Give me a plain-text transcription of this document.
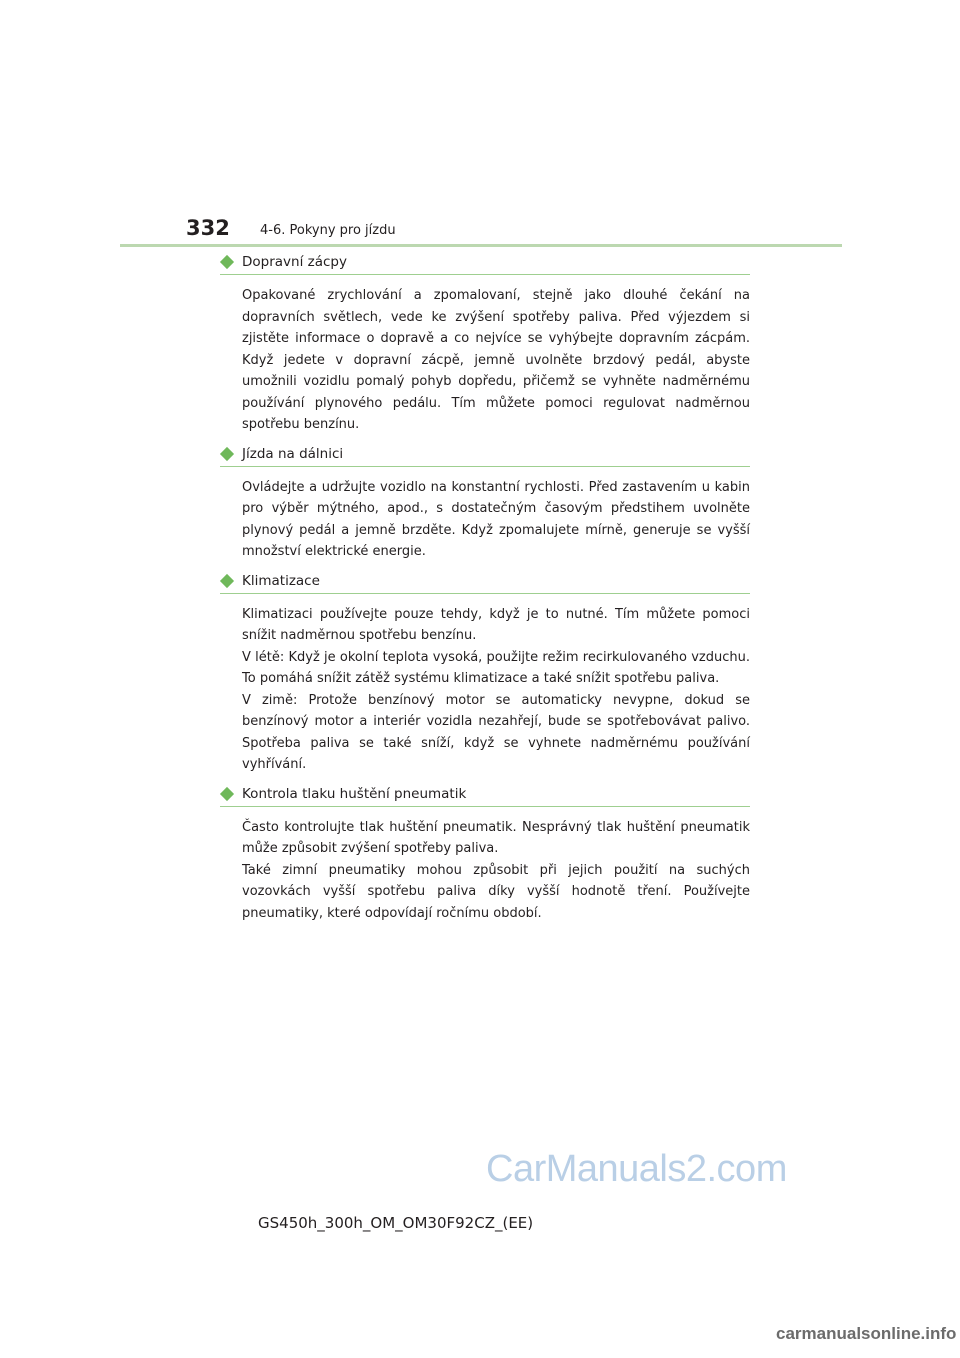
332 4-6. Pokyny pro jízdu
Dopravní zácpy

Opakované zrychlování a zpomalovaní, stejně jako dlouhé čekání na dopravních světlech, vede ke zvýšení spotřeby paliva. Před výjezdem si zjistěte informace o dopravě a co nejvíce se vyhýbejte dopravním zácpám. Když jedete v dopravní zácpě, jemně uvolněte brzdový pedál, abyste umožnili vozidlu pomalý pohyb dopředu, přičemž se vyhněte nadměrnému používání plynového pedálu. Tím můžete pomoci regulovat nadměrnou spotřebu benzínu.

Jízda na dálnici

Ovládejte a udržujte vozidlo na konstantní rychlosti. Před zastavením u kabin pro výběr mýtného, apod., s dostatečným časovým předstihem uvolněte plynový pedál a jemně brzděte. Když zpomalujete mírně, generuje se vyšší množství elektrické energie.

Klimatizace

Klimatizaci používejte pouze tehdy, když je to nutné. Tím můžete pomoci snížit nadměrnou spotřebu benzínu.

V létě: Když je okolní teplota vysoká, použijte režim recirkulovaného vzduchu. To pomáhá snížit zátěž systému klimatizace a také snížit spotřebu paliva.

V zimě: Protože benzínový motor se automaticky nevypne, dokud se benzínový motor a interiér vozidla nezahřejí, bude se spotřebovávat palivo. Spotřeba paliva se také sníží, když se vyhnete nadměrnému používání vyhřívání.

Kontrola tlaku huštění pneumatik

Často kontrolujte tlak huštění pneumatik. Nesprávný tlak huštění pneumatik může způsobit zvýšení spotřeby paliva.

Také zimní pneumatiky mohou způsobit při jejich použití na suchých vozovkách vyšší spotřebu paliva díky vyšší hodnotě tření. Používejte pneumatiky, které odpovídají ročnímu období.

CarManuals2.com
GS450h_300h_OM_OM30F92CZ_(EE)
carmanualsonline.info
